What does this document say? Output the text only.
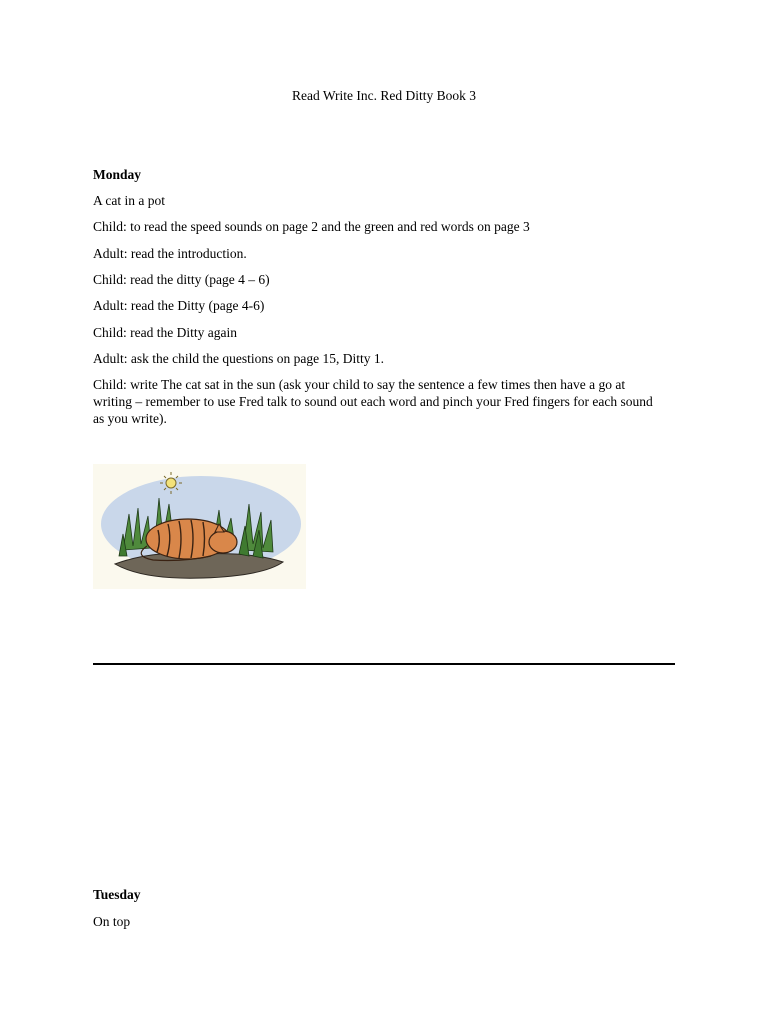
Read Write Inc. Red Ditty Book 3
Monday
A cat in a pot
Child: to read the speed sounds on page 2 and the green and red words on page 3
Adult: read the introduction.
Child: read the ditty (page 4 – 6)
Adult: read the Ditty (page 4-6)
Child: read the Ditty again
Adult: ask the child the questions on page 15, Ditty 1.
Child: write The cat sat in the sun (ask your child to say the sentence a few times then have a go at writing – remember to use Fred talk to sound out each word and pinch your Fred fingers for each sound as you write).
Tuesday
On top
